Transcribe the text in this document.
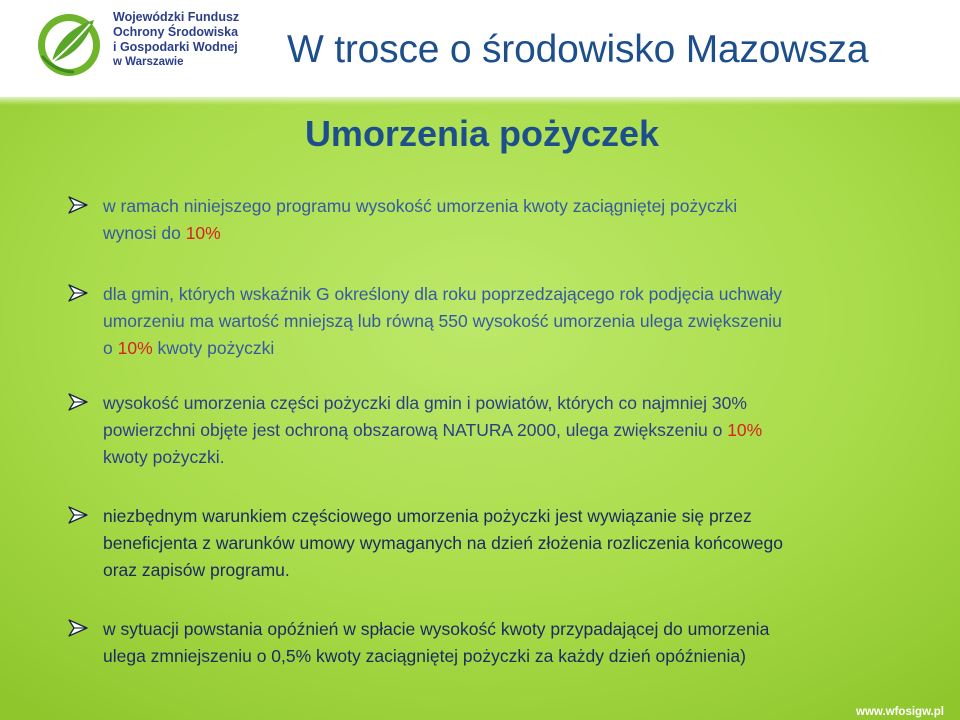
Wojewódzki Fundusz
Ochrony Środowiska
i Gospodarki Wodnej
w Warszawie	W trosce o środowisko Mazowsza
Umorzenia pożyczek
w ramach niniejszego programu wysokość umorzenia kwoty zaciągniętej pożyczki
wynosi do 10%
dla gmin, których wskaźnik G określony dla roku poprzedzającego rok podjęcia uchwały
umorzeniu ma wartość mniejszą lub równą 550 wysokość umorzenia ulega zwiększeniu
o 10% kwoty pożyczki
wysokość umorzenia części pożyczki dla gmin i powiatów, których co najmniej 30%
powierzchni objęte jest ochroną obszarową NATURA 2000, ulega zwiększeniu o 10%
kwoty pożyczki.
niezbędnym warunkiem częściowego umorzenia pożyczki jest wywiązanie się przez
beneficjenta z warunków umowy wymaganych na dzień złożenia rozliczenia końcowego
oraz zapisów programu.
w sytuacji powstania opóźnień w spłacie wysokość kwoty przypadającej do umorzenia
ulega zmniejszeniu o 0,5% kwoty zaciągniętej pożyczki za każdy dzień opóźnienia)
www.wfosigw.pl
